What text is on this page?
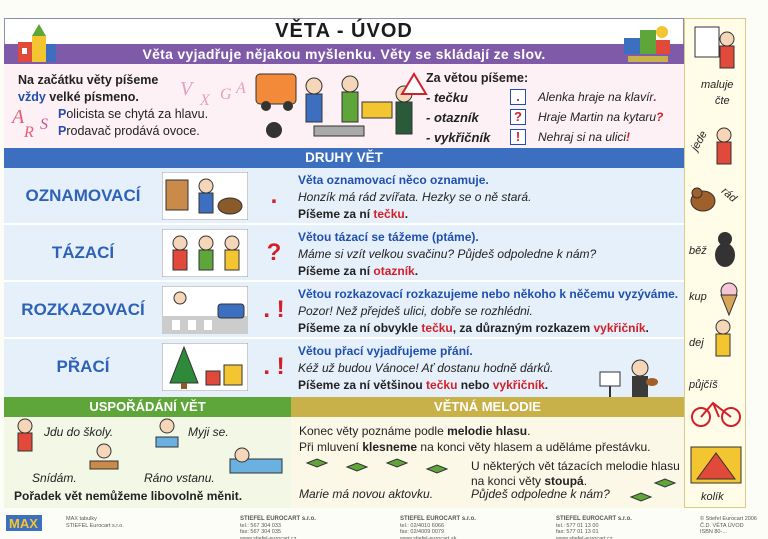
VĚTA - ÚVOD
Věta vyjadřuje nějakou myšlenku. Věty se skládají ze slov.
A
R S
V
X G A
Na začátku věty píšeme
vždy velké písmeno.
Policista se chytá za hlavu.
Prodavač prodává ovoce.
Za větou píšeme:
- tečku	.	Alenka hraje na klavír.
- otazník	?	Hraje Martin na kytaru?
- vykřičník	!	Nehraj si na ulici!
DRUHY VĚT
OZNAMOVACÍ	.
Věta oznamovací něco oznamuje.
Honzík má rád zvířata. Hezky se o ně stará.
Píšeme za ní tečku.
TÁZACÍ	?
Větou tázací se tážeme (ptáme).
Máme si vzít velkou svačinu? Půjdeš odpoledne k nám?
Píšeme za ní otazník.
ROZKAZOVACÍ	. !
Větou rozkazovací rozkazujeme nebo někoho k něčemu vyzýváme.
Pozor! Než přejdeš ulici, dobře se rozhlédni.
Píšeme za ní obvykle tečku, za důrazným rozkazem vykřičník.
PŘACÍ	. !
Větou přací vyjadřujeme přání.
Kéž už budou Vánoce! Ať dostanu hodně dárků.
Píšeme za ní většinou tečku nebo vykřičník.
USPOŘÁDÁNÍ VĚT	VĚTNÁ MELODIE
Jdu do školy.	Myji se.
Snídám.	Ráno vstanu.
Pořadek vět nemůžeme libovolně měnit.
Konec věty poznáme podle melodie hlasu.
Při mluvení klesneme na konci věty hlasem a uděláme přestávku.
U některých vět tázacích melodie hlasu na konci věty stoupá.
Marie má novou aktovku.	Půjdeš odpoledne k nám?
maluje
čte
jede
rád
běž
kup
dej
půjčíš
kolík
MAX	MAX tabulky
STIEFEL Eurocart s.r.o.
STIEFEL EUROCART s.r.o.
tel.: 567 304 033
fax: 567 304 035
www.stiefel-eurocart.cz
STIEFEL EUROCART s.r.o.
tel.: 02/4010 6066
fax: 02/4009 0079
www.stiefel-eurocart.sk
STIEFEL EUROCART s.r.o.
tel.: 577 01 13 00
fax: 577 01 13 01
www.stiefel-eurocart.cz
© Stiefel Eurocart 2006
Č.D. VĚTA ÚVOD
ISBN 80-...
